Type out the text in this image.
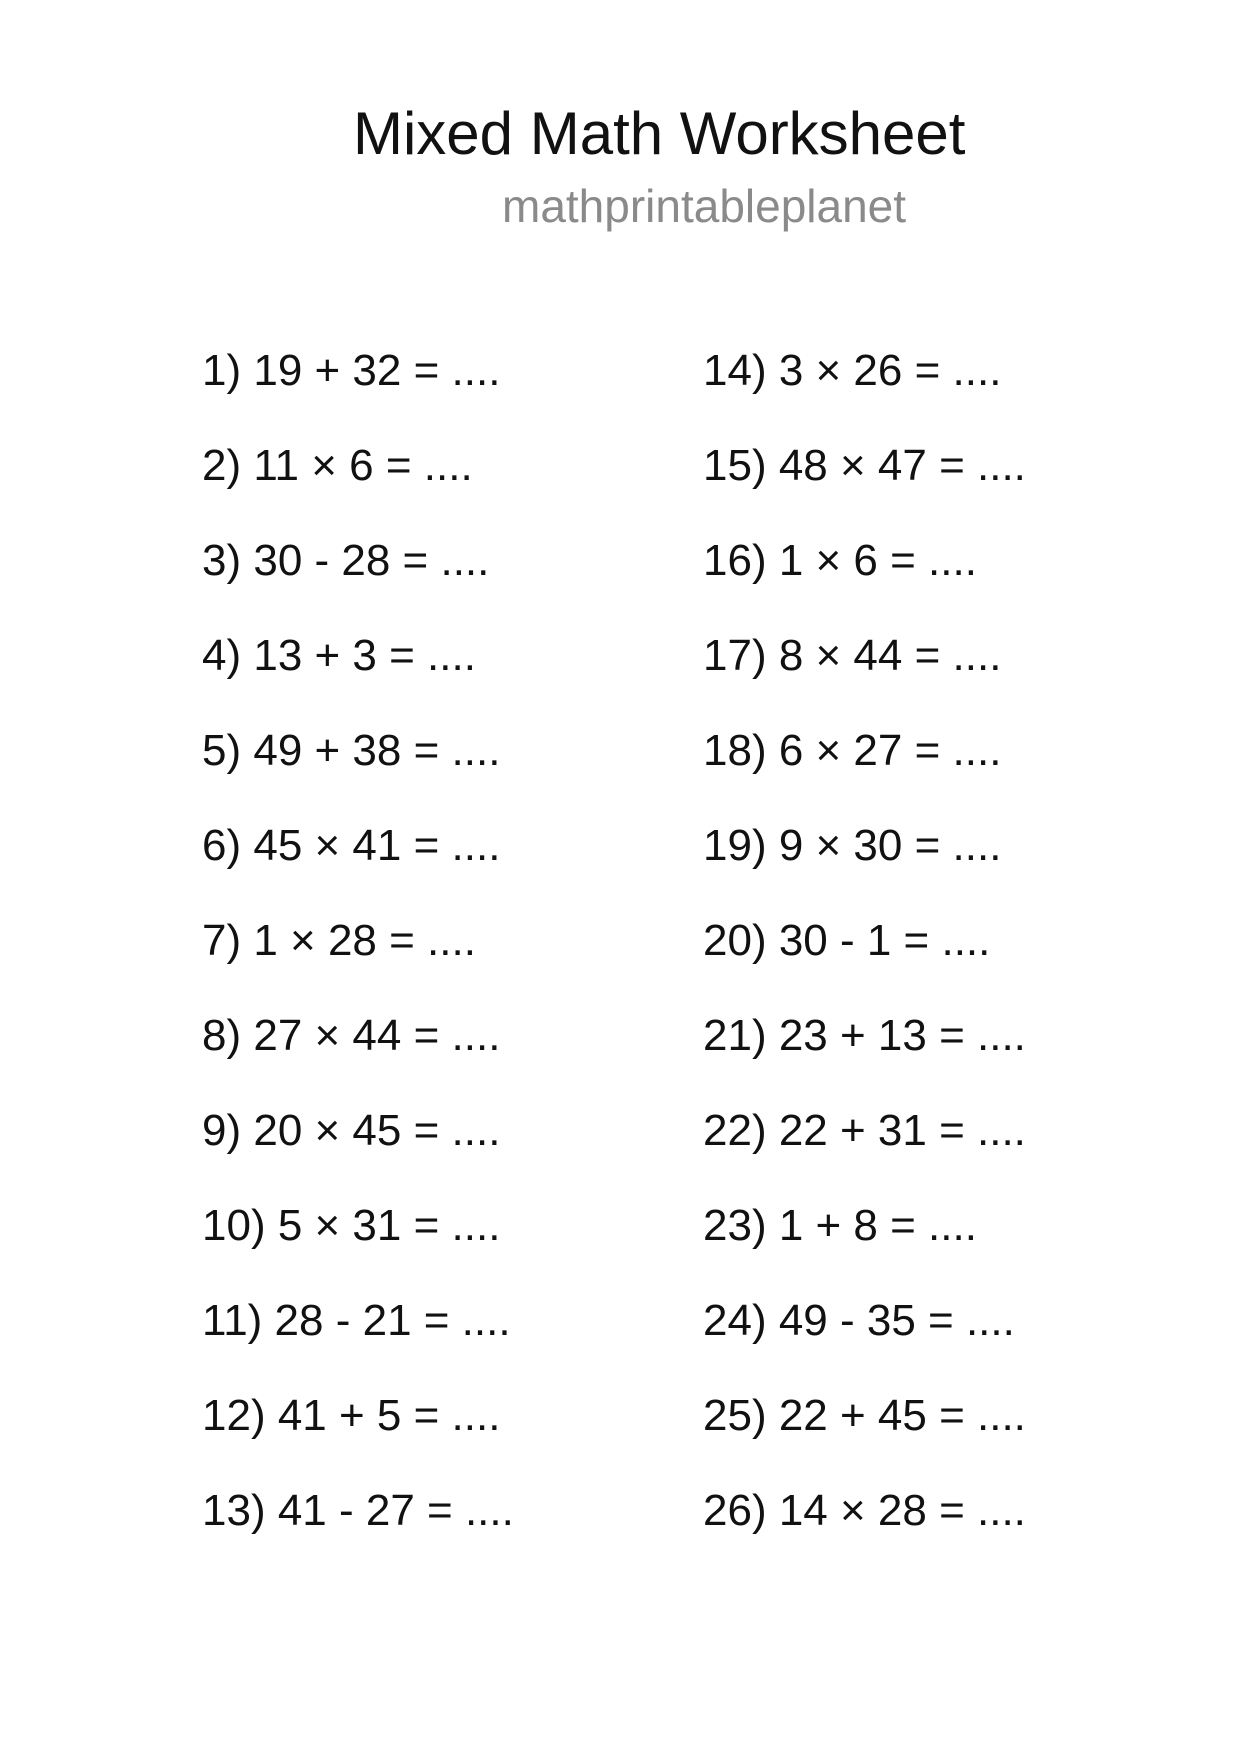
Mixed Math Worksheet
mathprintableplanet
1) 19 + 32 = ....
2) 11 × 6 = ....
3) 30 - 28 = ....
4) 13 + 3 = ....
5) 49 + 38 = ....
6) 45 × 41 = ....
7) 1 × 28 = ....
8) 27 × 44 = ....
9) 20 × 45 = ....
10) 5 × 31 = ....
11) 28 - 21 = ....
12) 41 + 5 = ....
13) 41 - 27 = ....
14) 3 × 26 = ....
15) 48 × 47 = ....
16) 1 × 6 = ....
17) 8 × 44 = ....
18) 6 × 27 = ....
19) 9 × 30 = ....
20) 30 - 1 = ....
21) 23 + 13 = ....
22) 22 + 31 = ....
23) 1 + 8 = ....
24) 49 - 35 = ....
25) 22 + 45 = ....
26) 14 × 28 = ....
